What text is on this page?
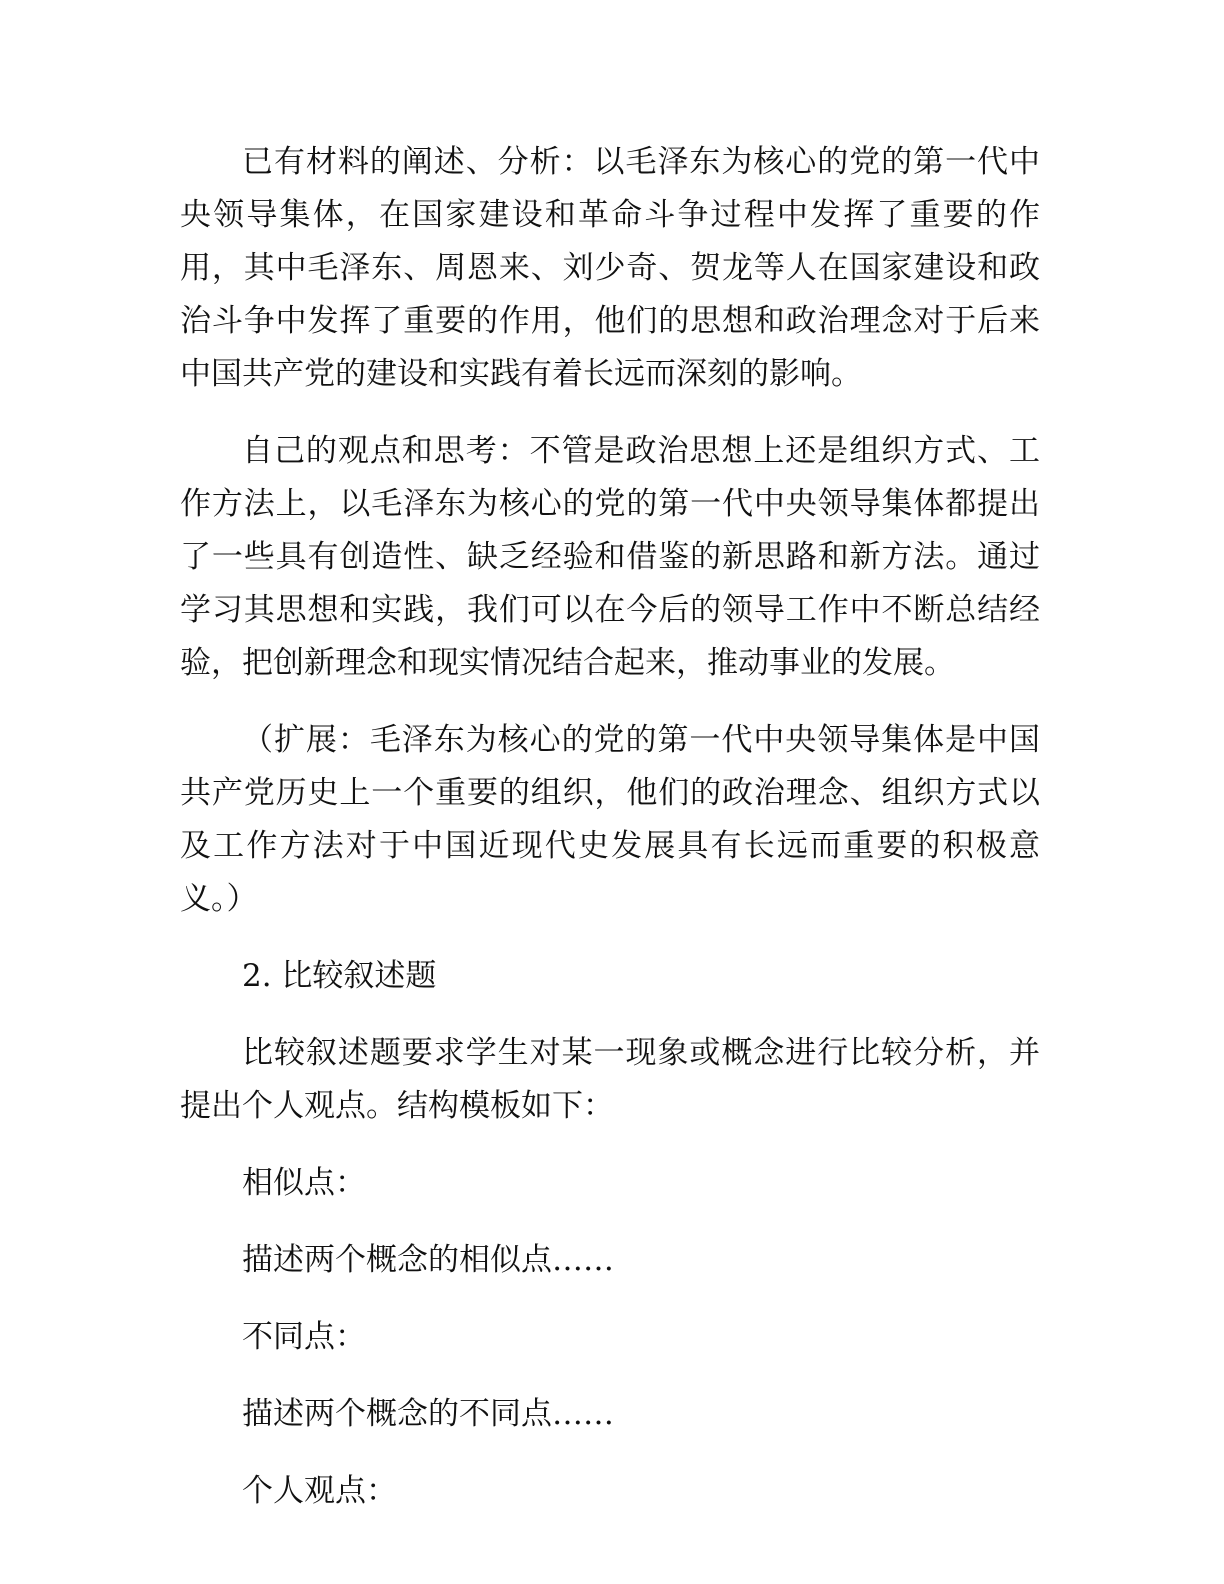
已有材料的阐述、分析：以毛泽东为核心的党的第一代中央领导集体，在国家建设和革命斗争过程中发挥了重要的作用，其中毛泽东、周恩来、刘少奇、贺龙等人在国家建设和政治斗争中发挥了重要的作用，他们的思想和政治理念对于后来中国共产党的建设和实践有着长远而深刻的影响。

自己的观点和思考：不管是政治思想上还是组织方式、工作方法上，以毛泽东为核心的党的第一代中央领导集体都提出了一些具有创造性、缺乏经验和借鉴的新思路和新方法。通过学习其思想和实践，我们可以在今后的领导工作中不断总结经验，把创新理念和现实情况结合起来，推动事业的发展。

（扩展：毛泽东为核心的党的第一代中央领导集体是中国共产党历史上一个重要的组织，他们的政治理念、组织方式以及工作方法对于中国近现代史发展具有长远而重要的积极意义。）

2. 比较叙述题

比较叙述题要求学生对某一现象或概念进行比较分析，并提出个人观点。结构模板如下：

相似点：

描述两个概念的相似点……

不同点：

描述两个概念的不同点……

个人观点：
